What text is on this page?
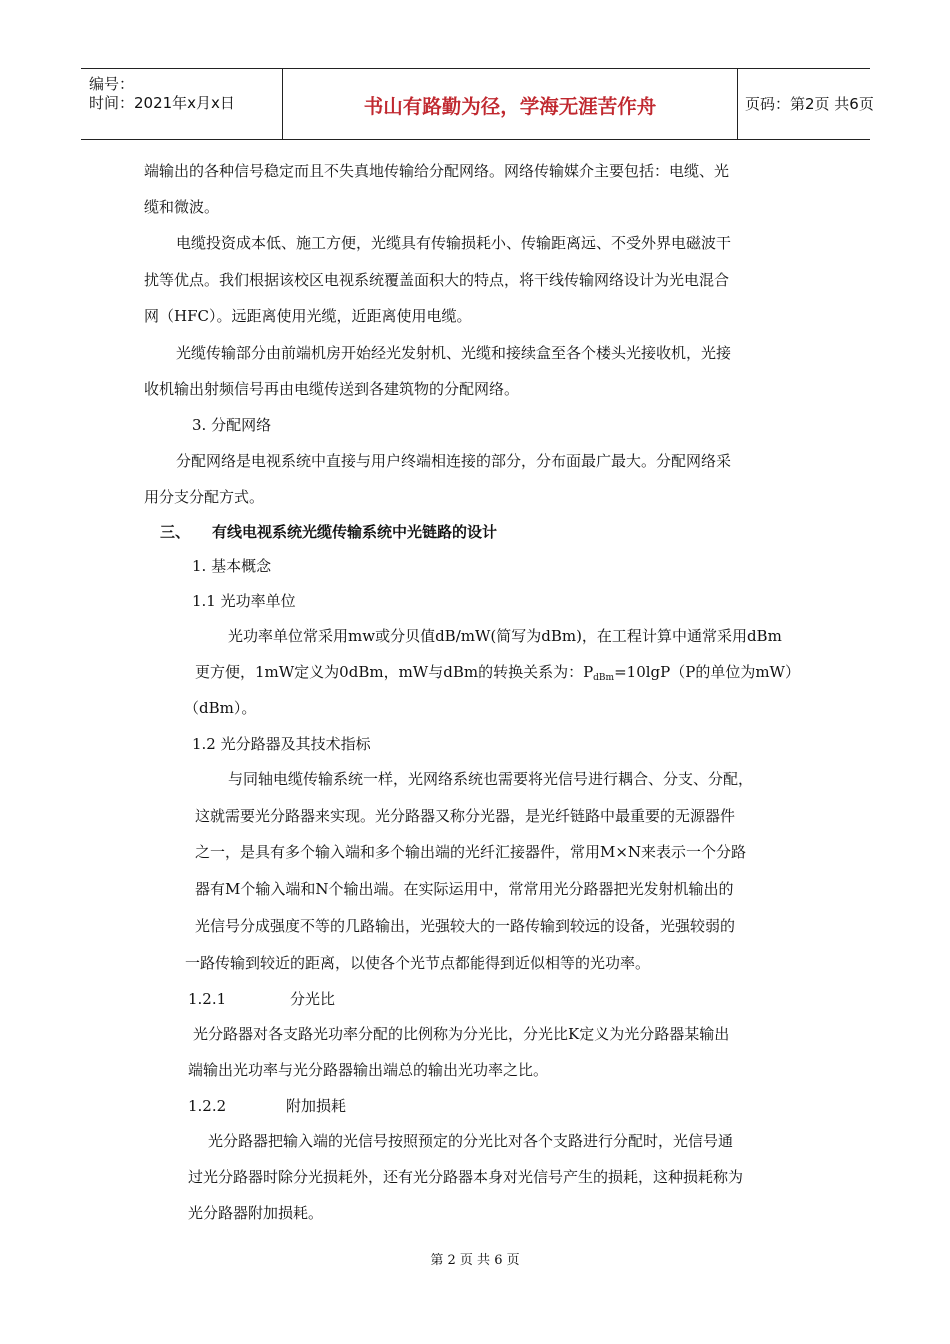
编号：
时间：2021年x月x日	书山有路勤为径，学海无涯苦作舟	页码：第2页 共6页
端输出的各种信号稳定而且不失真地传输给分配网络。网络传输媒介主要包括：电缆、光
缆和微波。
电缆投资成本低、施工方便，光缆具有传输损耗小、传输距离远、不受外界电磁波干
扰等优点。我们根据该校区电视系统覆盖面积大的特点，将干线传输网络设计为光电混合
网（HFC）。远距离使用光缆，近距离使用电缆。
光缆传输部分由前端机房开始经光发射机、光缆和接续盒至各个楼头光接收机，光接
收机输出射频信号再由电缆传送到各建筑物的分配网络。
3. 分配网络
分配网络是电视系统中直接与用户终端相连接的部分，分布面最广最大。分配网络采
用分支分配方式。
三、 有线电视系统光缆传输系统中光链路的设计
1. 基本概念
1.1 光功率单位
光功率单位常采用mw或分贝值dB/mW(简写为dBm)，在工程计算中通常采用dBm
更方便，1mW定义为0dBm，mW与dBm的转换关系为：$P_{dBm}=10\lg P(P$的单位为mW）
（dBm）。
1.2 光分路器及其技术指标
与同轴电缆传输系统一样，光网络系统也需要将光信号进行耦合、分支、分配，
这就需要光分路器来实现。光分路器又称分光器，是光纤链路中最重要的无源器件
之一，是具有多个输入端和多个输出端的光纤汇接器件，常用M×N来表示一个分路
器有M个输入端和N个输出端。在实际运用中，常常用光分路器把光发射机输出的
光信号分成强度不等的几路输出，光强较大的一路传输到较远的设备，光强较弱的
一路传输到较近的距离，以使各个光节点都能得到近似相等的光功率。
1.2.1	分光比
光分路器对各支路光功率分配的比例称为分光比，分光比K定义为光分路器某输出
端输出光功率与光分路器输出端总的输出光功率之比。
1.2.2	附加损耗
光分路器把输入端的光信号按照预定的分光比对各个支路进行分配时，光信号通
过光分路器时除分光损耗外，还有光分路器本身对光信号产生的损耗，这种损耗称为
光分路器附加损耗。
第 2 页 共 6 页
